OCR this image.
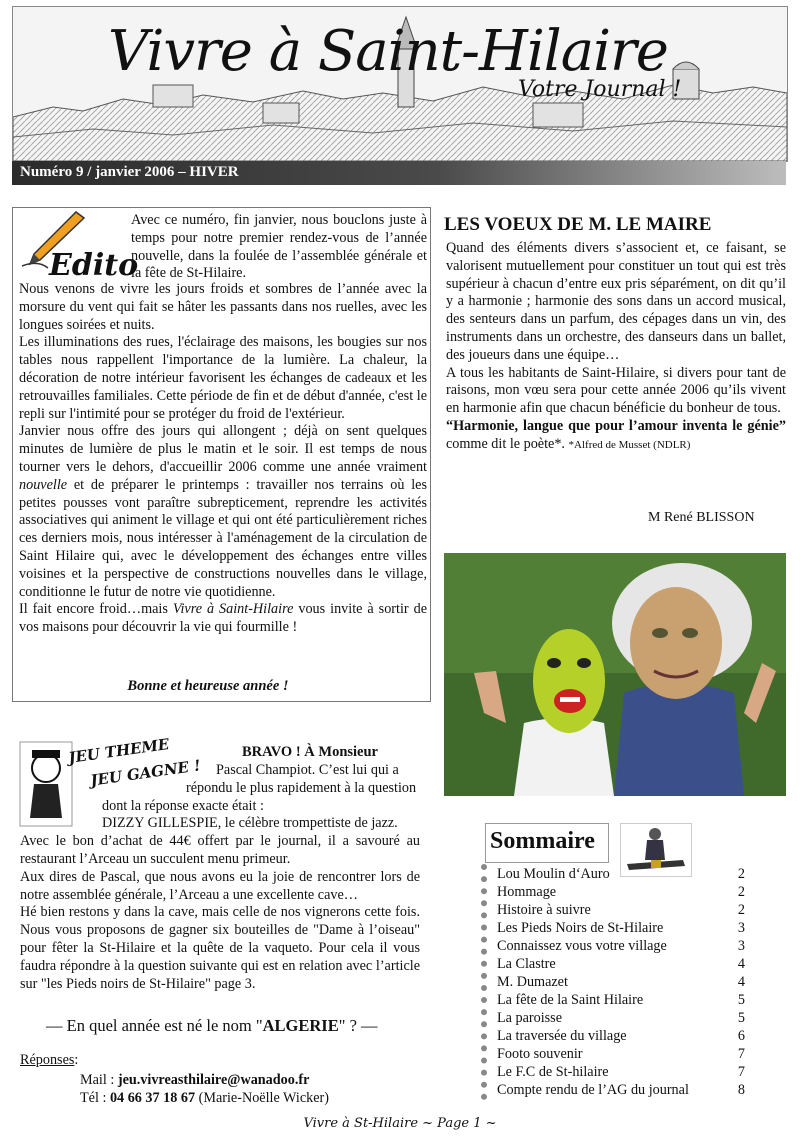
Vivre à Saint-Hilaire
Votre Journal !
Numéro 9 / janvier 2006 – HIVER
Edito

Avec ce numéro, fin janvier, nous bouclons juste à temps pour notre premier rendez-vous de l’année nouvelle, dans la foulée de l’assemblée générale et la fête de St-Hilaire.

Nous venons de vivre les jours froids et sombres de l’année avec la morsure du vent qui fait se hâter les passants dans nos ruelles, avec les longues soirées et nuits.

Les illuminations des rues, l'éclairage des maisons, les bougies sur nos tables nous rappellent l'importance de la lumière. La chaleur, la décoration de notre intérieur favorisent les échanges de cadeaux et les retrouvailles familiales. Cette période de fin et de début d'année, c'est le repli sur l'intimité pour se protéger du froid de l'extérieur.

Janvier nous offre des jours qui allongent ; déjà on sent quelques minutes de lumière de plus le matin et le soir. Il est temps de nous tourner vers le dehors, d'accueillir 2006 comme une année vraiment nouvelle et de préparer le printemps : travailler nos terrains où les petites pousses vont paraître subrepticement, reprendre les activités associatives qui animent le village et qui ont été particulièrement riches ces derniers mois, nous intéresser à l'aménagement de la circulation de Saint Hilaire qui, avec le développement des échanges entre villes voisines et la perspective de constructions nouvelles dans le village, conditionne le futur de notre vie quotidienne.

Il fait encore froid…mais Vivre à Saint-Hilaire vous invite à sortir de vos maisons pour découvrir la vie qui fourmille !

Bonne et heureuse année !
LES VOEUX DE M. LE MAIRE

Quand des éléments divers s’associent et, ce faisant, se valorisent mutuellement pour constituer un tout qui est très supérieur à chacun d’entre eux pris séparément, on dit qu’il y a harmonie ; harmonie des sons dans un accord musical, des senteurs dans un parfum, des cépages dans un vin, des instruments dans un orchestre, des danseurs dans un ballet, des joueurs dans une équipe…

A tous les habitants de Saint-Hilaire, si divers pour tant de raisons, mon vœu sera pour cette année 2006 qu’ils vivent en harmonie afin que chacun bénéficie du bonheur de tous.

“Harmonie, langue que pour l’amour inventa le génie” comme dit le poète*. *Alfred de Musset (NDLR)

M René BLISSON
JEU THEME
JEU GAGNE !
BRAVO ! À Monsieur
Pascal Champiot. C’est lui qui a
répondu le plus rapidement à la question
dont la réponse exacte était :
DIZZY GILLESPIE, le célèbre trompettiste de jazz.

Avec le bon d’achat de 44€ offert par le journal, il a savouré au restaurant l’Arceau un succulent menu primeur.

Aux dires de Pascal, que nous avons eu la joie de rencontrer lors de notre assemblée générale, l’Arceau a une excellente cave…

Hé bien restons y dans la cave, mais celle de nos vignerons cette fois. Nous vous proposons de gagner six bouteilles de "Dame à l’oiseau" pour fêter la St-Hilaire et la quête de la vaqueto. Pour cela il vous faudra répondre à la question suivante qui est en relation avec l’article sur "les Pieds noirs de St-Hilaire" page 3.

— En quel année est né le nom "ALGERIE" ? —
Réponses:
Mail : jeu.vivreasthilaire@wanadoo.fr
Tél : 04 66 37 18 67 (Marie-Noëlle Wicker)
Sommaire
Lou Moulin d‘Auro	2
Hommage	2
Histoire à suivre	2
Les Pieds Noirs de St-Hilaire	3
Connaissez vous votre village	3
La Clastre	4
M. Dumazet	4
La fête de la Saint Hilaire	5
La paroisse	5
La traversée du village	6
Footo souvenir	7
Le F.C de St-hilaire	7
Compte rendu de l’AG du journal	8
Vivre à St-Hilaire ~ Page 1 ~
